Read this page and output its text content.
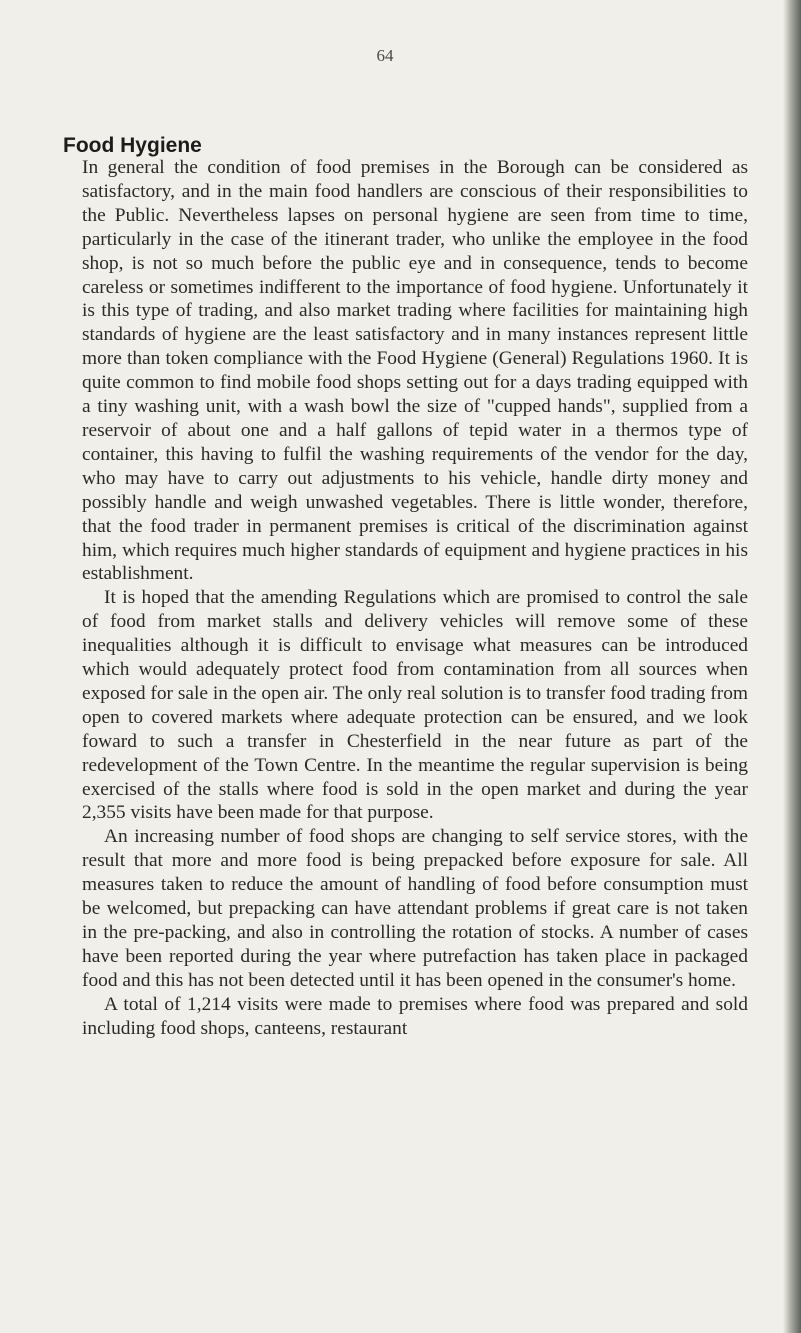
64
Food Hygiene

In general the condition of food premises in the Borough can be considered as satisfactory, and in the main food handlers are conscious of their responsibilities to the Public. Nevertheless lapses on personal hygiene are seen from time to time, particularly in the case of the itinerant trader, who unlike the employee in the food shop, is not so much before the public eye and in consequence, tends to become careless or sometimes indifferent to the importance of food hygiene. Unfortunately it is this type of trading, and also market trading where facilities for maintaining high standards of hygiene are the least satisfactory and in many instances represent little more than token compliance with the Food Hygiene (General) Regulations 1960. It is quite common to find mobile food shops setting out for a days trading equipped with a tiny washing unit, with a wash bowl the size of "cupped hands", supplied from a reservoir of about one and a half gallons of tepid water in a thermos type of container, this having to fulfil the washing requirements of the vendor for the day, who may have to carry out adjustments to his vehicle, handle dirty money and possibly handle and weigh unwashed vegetables. There is little wonder, therefore, that the food trader in permanent premises is critical of the discrimination against him, which requires much higher standards of equipment and hygiene practices in his establishment.

It is hoped that the amending Regulations which are promised to control the sale of food from market stalls and delivery vehicles will remove some of these inequalities although it is difficult to envisage what measures can be introduced which would adequately protect food from contamination from all sources when exposed for sale in the open air. The only real solution is to transfer food trading from open to covered markets where adequate protection can be ensured, and we look foward to such a transfer in Chesterfield in the near future as part of the redevelopment of the Town Centre. In the meantime the regular supervision is being exercised of the stalls where food is sold in the open market and during the year 2,355 visits have been made for that purpose.

An increasing number of food shops are changing to self service stores, with the result that more and more food is being prepacked before exposure for sale. All measures taken to reduce the amount of handling of food before consumption must be welcomed, but prepacking can have attendant problems if great care is not taken in the pre-packing, and also in controlling the rotation of stocks. A number of cases have been reported during the year where putrefaction has taken place in packaged food and this has not been detected until it has been opened in the consumer's home.

A total of 1,214 visits were made to premises where food was prepared and sold including food shops, canteens, restaurant
